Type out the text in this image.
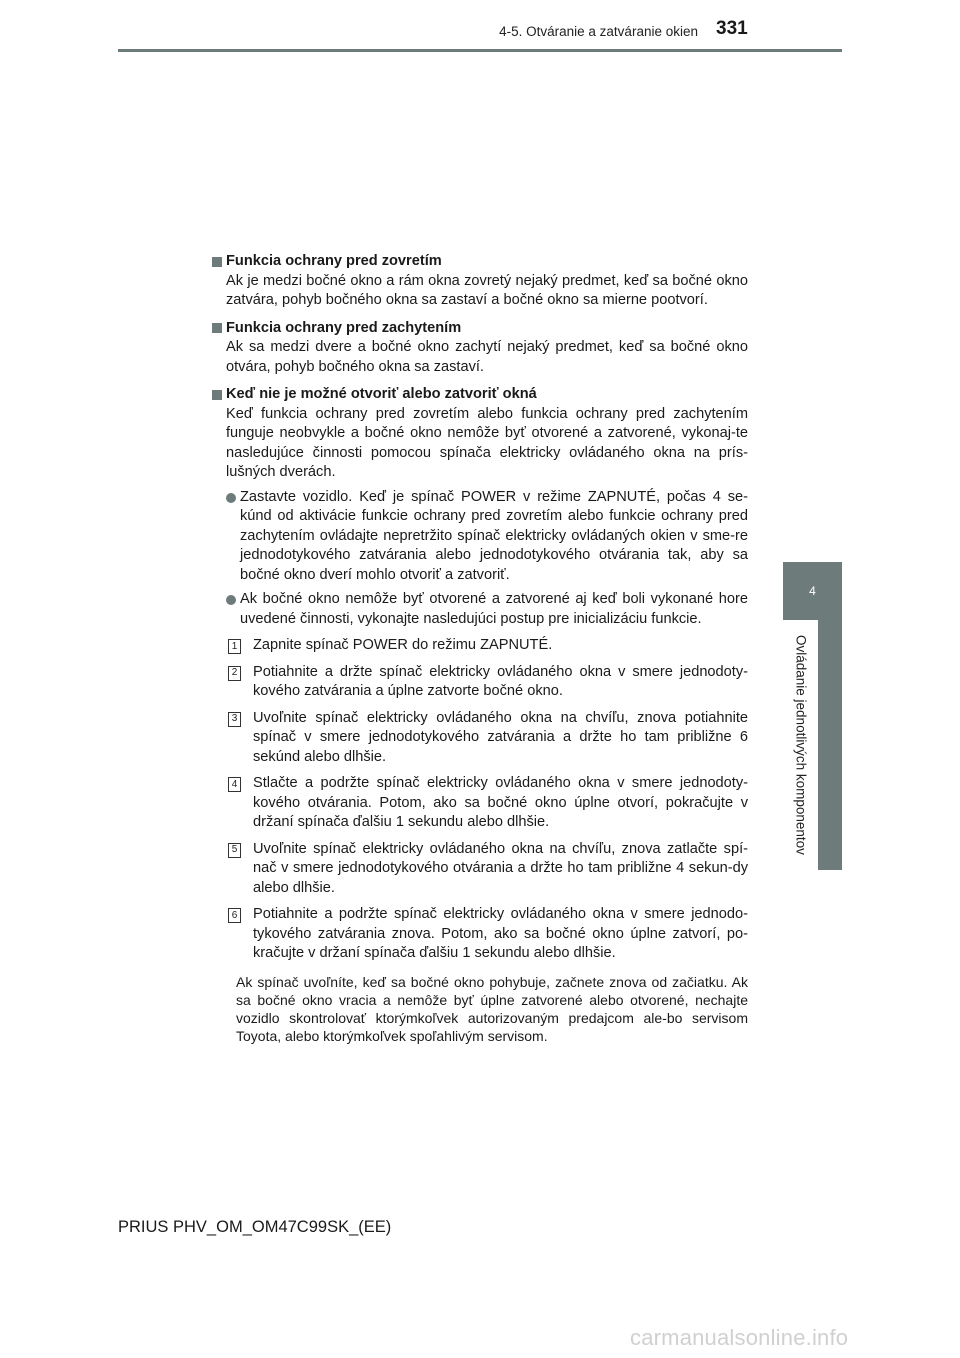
4-5. Otváranie a zatváranie okien 331
4
Ovládanie jednotlivých komponentov
Funkcia ochrany pred zovretím

Ak je medzi bočné okno a rám okna zovretý nejaký predmet, keď sa bočné okno zatvára, pohyb bočného okna sa zastaví a bočné okno sa mierne pootvorí.

Funkcia ochrany pred zachytením

Ak sa medzi dvere a bočné okno zachytí nejaký predmet, keď sa bočné okno otvára, pohyb bočného okna sa zastaví.

Keď nie je možné otvoriť alebo zatvoriť okná

Keď funkcia ochrany pred zovretím alebo funkcia ochrany pred zachytením funguje neobvykle a bočné okno nemôže byť otvorené a zatvorené, vykonaj-te nasledujúce činnosti pomocou spínača elektricky ovládaného okna na prís-lušných dverách.

Zastavte vozidlo. Keď je spínač POWER v režime ZAPNUTÉ, počas 4 se-kúnd od aktivácie funkcie ochrany pred zovretím alebo funkcie ochrany pred zachytením ovládajte nepretržito spínač elektricky ovládaných okien v sme-re jednodotykového zatvárania alebo jednodotykového otvárania tak, aby sa bočné okno dverí mohlo otvoriť a zatvoriť.
Ak bočné okno nemôže byť otvorené a zatvorené aj keď boli vykonané hore uvedené činnosti, vykonajte nasledujúci postup pre inicializáciu funkcie.
1 Zapnite spínač POWER do režimu ZAPNUTÉ.
2 Potiahnite a držte spínač elektricky ovládaného okna v smere jednodoty-kového zatvárania a úplne zatvorte bočné okno.
3 Uvoľnite spínač elektricky ovládaného okna na chvíľu, znova potiahnite spínač v smere jednodotykového zatvárania a držte ho tam približne 6 sekúnd alebo dlhšie.
4 Stlačte a podržte spínač elektricky ovládaného okna v smere jednodoty-kového otvárania. Potom, ako sa bočné okno úplne otvorí, pokračujte v držaní spínača ďalšiu 1 sekundu alebo dlhšie.
5 Uvoľnite spínač elektricky ovládaného okna na chvíľu, znova zatlačte spí-nač v smere jednodotykového otvárania a držte ho tam približne 4 sekun-dy alebo dlhšie.
6 Potiahnite a podržte spínač elektricky ovládaného okna v smere jednodo-tykového zatvárania znova. Potom, ako sa bočné okno úplne zatvorí, po-kračujte v držaní spínača ďalšiu 1 sekundu alebo dlhšie.

Ak spínač uvoľníte, keď sa bočné okno pohybuje, začnete znova od začiatku. Ak sa bočné okno vracia a nemôže byť úplne zatvorené alebo otvorené, nechajte vozidlo skontrolovať ktorýmkoľvek autorizovaným predajcom ale-bo servisom Toyota, alebo ktorýmkoľvek spoľahlivým servisom.

PRIUS PHV_OM_OM47C99SK_(EE)
carmanualsonline.info
